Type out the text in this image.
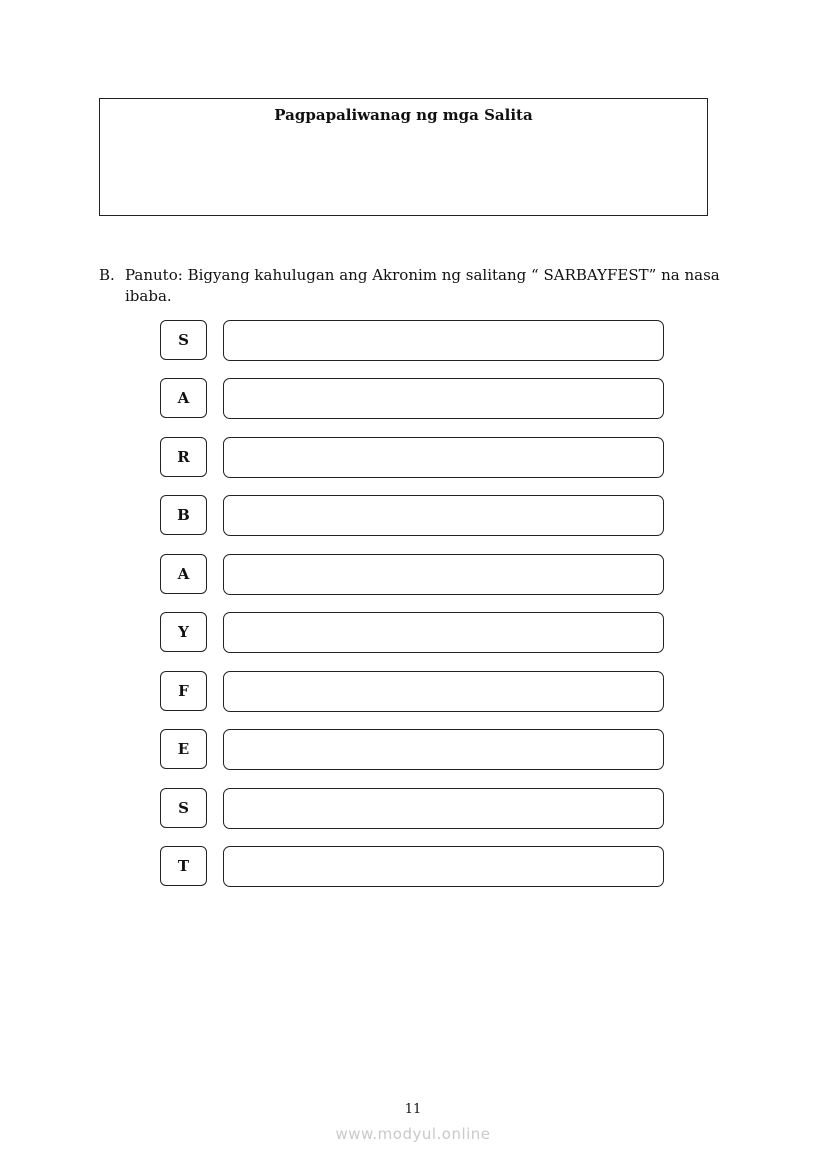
Pagpapaliwanag ng mga Salita
B. Panuto: Bigyang kahulugan ang Akronim ng salitang “ SARBAYFEST” na nasa
ibaba.
S
A
R
B
A
Y
F
E
S
T
11
www.modyul.online
